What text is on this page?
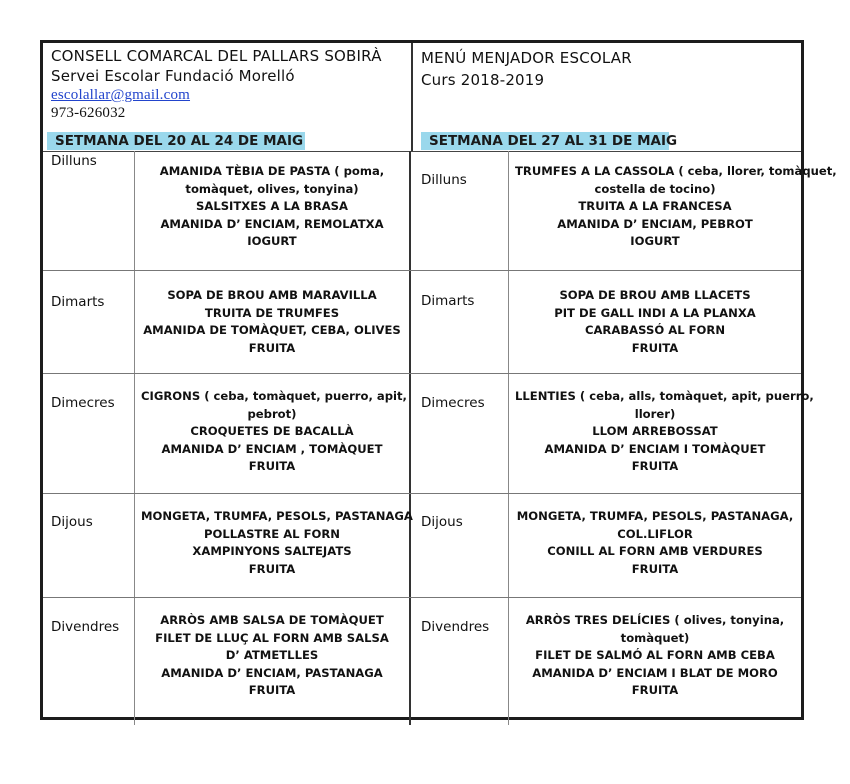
CONSELL COMARCAL DEL PALLARS SOBIRÀ
Servei Escolar Fundació Morelló
escolallar@gmail.com
973-626032
MENÚ MENJADOR ESCOLAR
Curs 2018-2019
SETMANA DEL 20 AL 24 DE MAIG	SETMANA DEL 27 AL 31 DE MAIG
Dilluns
AMANIDA TÈBIA DE PASTA ( poma,
tomàquet, olives, tonyina)
SALSITXES A LA BRASA
AMANIDA D’ ENCIAM, REMOLATXA
IOGURT
Dilluns
TRUMFES A LA CASSOLA ( ceba, llorer, tomàquet,
costella de tocino)
TRUITA A LA FRANCESA
AMANIDA D’ ENCIAM, PEBROT
IOGURT
Dimarts	SOPA DE BROU AMB MARAVILLA
TRUITA DE TRUMFES
AMANIDA DE TOMÀQUET, CEBA, OLIVES
FRUITA
Dimarts	SOPA DE BROU AMB LLACETS
PIT DE GALL INDI A LA PLANXA
CARABASSÓ AL FORN
FRUITA
Dimecres	CIGRONS ( ceba, tomàquet, puerro, apit,
pebrot)
CROQUETES DE BACALLÀ
AMANIDA D’ ENCIAM , TOMÀQUET
FRUITA
Dimecres	LLENTIES ( ceba, alls, tomàquet, apit, puerro,
llorer)
LLOM ARREBOSSAT
AMANIDA D’ ENCIAM I TOMÀQUET
FRUITA
Dijous	MONGETA, TRUMFA, PESOLS, PASTANAGA
POLLASTRE AL FORN
XAMPINYONS SALTEJATS
FRUITA
Dijous	MONGETA, TRUMFA, PESOLS, PASTANAGA,
COL.LIFLOR
CONILL AL FORN AMB VERDURES
FRUITA
Divendres	ARRÒS AMB SALSA DE TOMÀQUET
FILET DE LLUÇ AL FORN AMB SALSA
D’ ATMETLLES
AMANIDA D’ ENCIAM, PASTANAGA
FRUITA
Divendres	ARRÒS TRES DELÍCIES ( olives, tonyina,
tomàquet)
FILET DE SALMÓ AL FORN AMB CEBA
AMANIDA D’ ENCIAM I BLAT DE MORO
FRUITA
